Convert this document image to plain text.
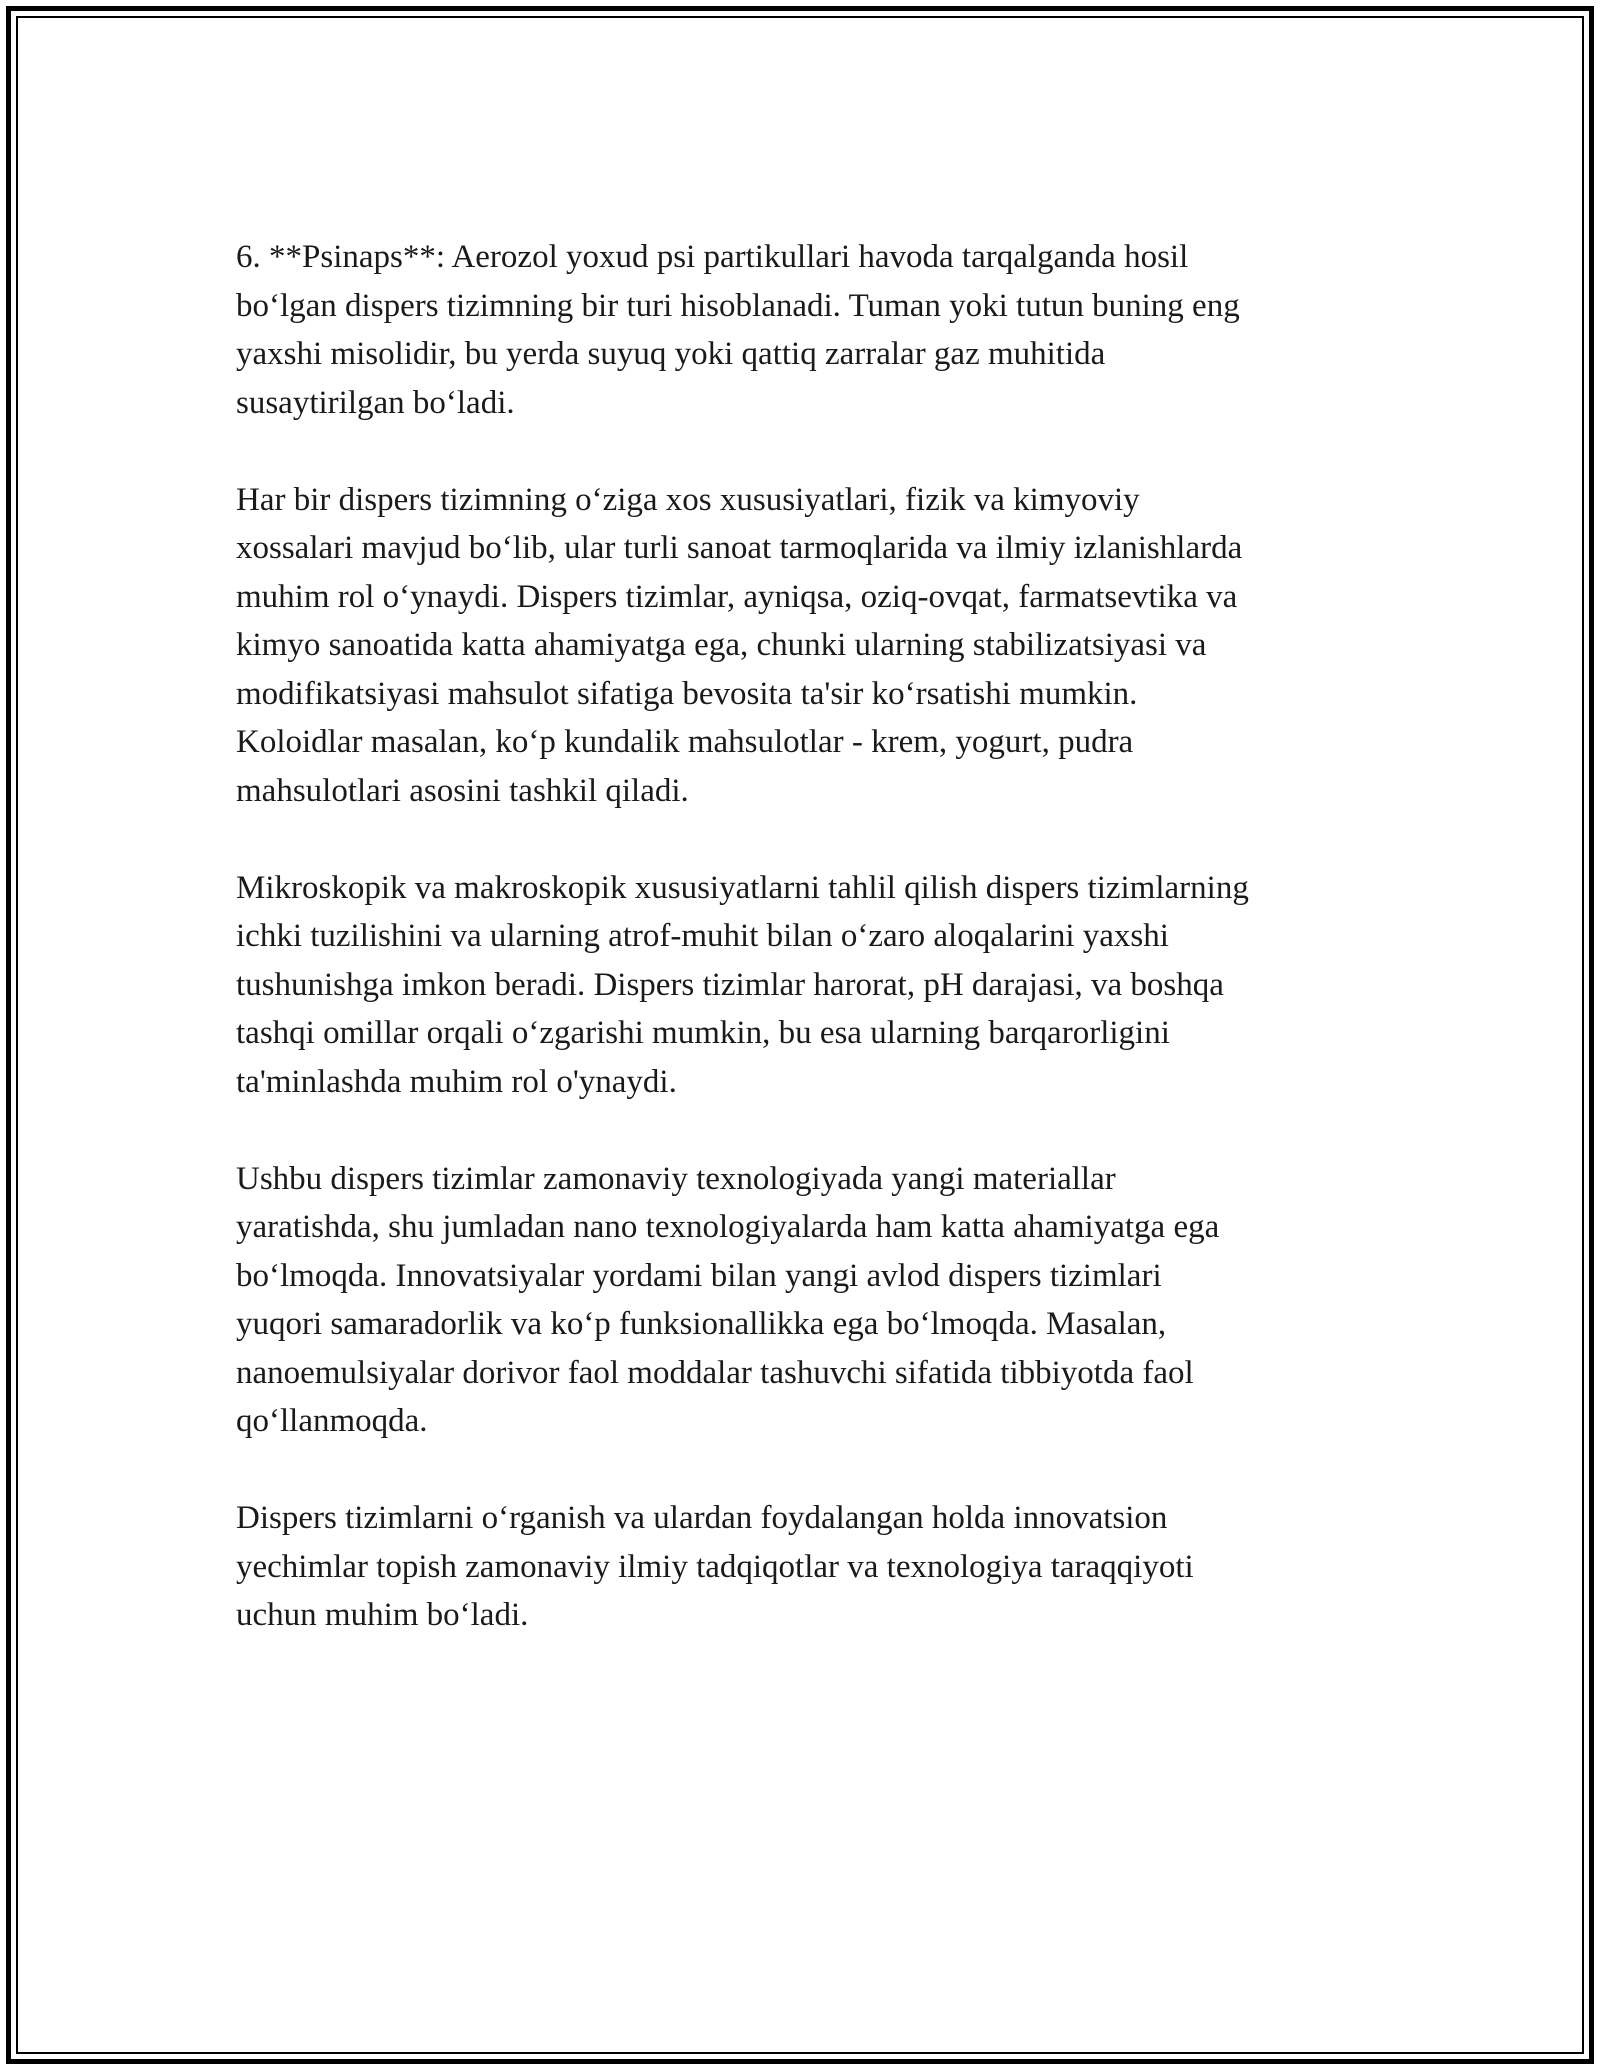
6. **Psinaps**: Aerozol yoxud psi partikullari havoda tarqalganda hosil
bo‘lgan dispers tizimning bir turi hisoblanadi. Tuman yoki tutun buning eng
yaxshi misolidir, bu yerda suyuq yoki qattiq zarralar gaz muhitida
susaytirilgan bo‘ladi.

Har bir dispers tizimning o‘ziga xos xususiyatlari, fizik va kimyoviy
xossalari mavjud bo‘lib, ular turli sanoat tarmoqlarida va ilmiy izlanishlarda
muhim rol o‘ynaydi. Dispers tizimlar, ayniqsa, oziq-ovqat, farmatsevtika va
kimyo sanoatida katta ahamiyatga ega, chunki ularning stabilizatsiyasi va
modifikatsiyasi mahsulot sifatiga bevosita ta'sir ko‘rsatishi mumkin.
Koloidlar masalan, ko‘p kundalik mahsulotlar - krem, yogurt, pudra
mahsulotlari asosini tashkil qiladi.

Mikroskopik va makroskopik xususiyatlarni tahlil qilish dispers tizimlarning
ichki tuzilishini va ularning atrof-muhit bilan o‘zaro aloqalarini yaxshi
tushunishga imkon beradi. Dispers tizimlar harorat, pH darajasi, va boshqa
tashqi omillar orqali o‘zgarishi mumkin, bu esa ularning barqarorligini
ta'minlashda muhim rol o'ynaydi.

Ushbu dispers tizimlar zamonaviy texnologiyada yangi materiallar
yaratishda, shu jumladan nano texnologiyalarda ham katta ahamiyatga ega
bo‘lmoqda. Innovatsiyalar yordami bilan yangi avlod dispers tizimlari
yuqori samaradorlik va ko‘p funksionallikka ega bo‘lmoqda. Masalan,
nanoemulsiyalar dorivor faol moddalar tashuvchi sifatida tibbiyotda faol
qo‘llanmoqda.

Dispers tizimlarni o‘rganish va ulardan foydalangan holda innovatsion
yechimlar topish zamonaviy ilmiy tadqiqotlar va texnologiya taraqqiyoti
uchun muhim bo‘ladi.
